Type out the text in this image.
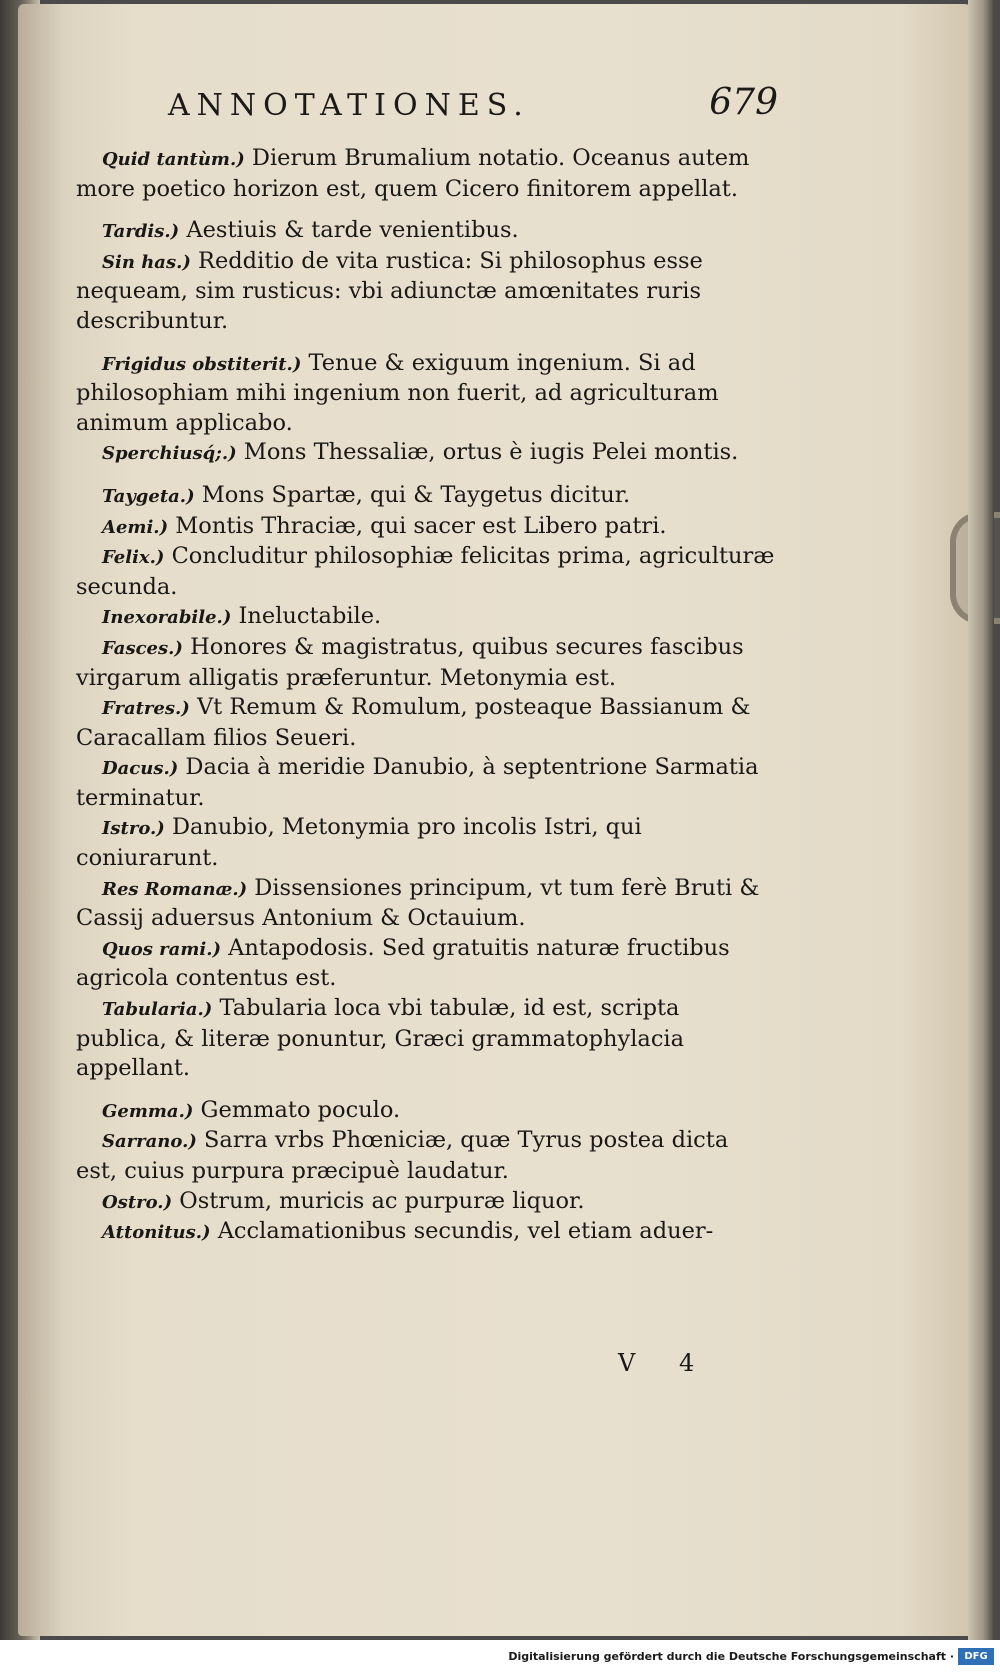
ANNOTATIONES.	679

Quid tantùm.) Dierum Brumalium notatio. Oceanus autem more poetico horizon est, quem Cicero finitorem appellat.

Tardis.) Aestiuis & tarde venientibus.

Sin has.) Redditio de vita rustica: Si philosophus esse nequeam, sim rusticus: vbi adiunctæ amœnitates ruris describuntur.

Frigidus obstiterit.) Tenue & exiguum ingenium. Si ad philosophiam mihi ingenium non fuerit, ad agriculturam animum applicabo.

Sperchiusq́;.) Mons Thessaliæ, ortus è iugis Pelei montis.

Taygeta.) Mons Spartæ, qui & Taygetus dicitur.

Aemi.) Montis Thraciæ, qui sacer est Libero patri.

Felix.) Concluditur philosophiæ felicitas prima, agriculturæ secunda.

Inexorabile.) Ineluctabile.

Fasces.) Honores & magistratus, quibus secures fascibus virgarum alligatis præferuntur. Metonymia est.

Fratres.) Vt Remum & Romulum, posteaque Bassianum & Caracallam filios Seueri.

Dacus.) Dacia à meridie Danubio, à septentrione Sarmatia terminatur.

Istro.) Danubio, Metonymia pro incolis Istri, qui coniurarunt.

Res Romanæ.) Dissensiones principum, vt tum ferè Bruti & Cassij aduersus Antonium & Octauium.

Quos rami.) Antapodosis. Sed gratuitis naturæ fructibus agricola contentus est.

Tabularia.) Tabularia loca vbi tabulæ, id est, scripta publica, & literæ ponuntur, Græci grammatophylacia appellant.

Gemma.) Gemmato poculo.

Sarrano.) Sarra vrbs Phœniciæ, quæ Tyrus postea dicta est, cuius purpura præcipuè laudatur.

Ostro.) Ostrum, muricis ac purpuræ liquor.

Attonitus.) Acclamationibus secundis, vel etiam aduer-

V 4
Digitalisierung gefördert durch die Deutsche Forschungsgemeinschaft ·	DFG
